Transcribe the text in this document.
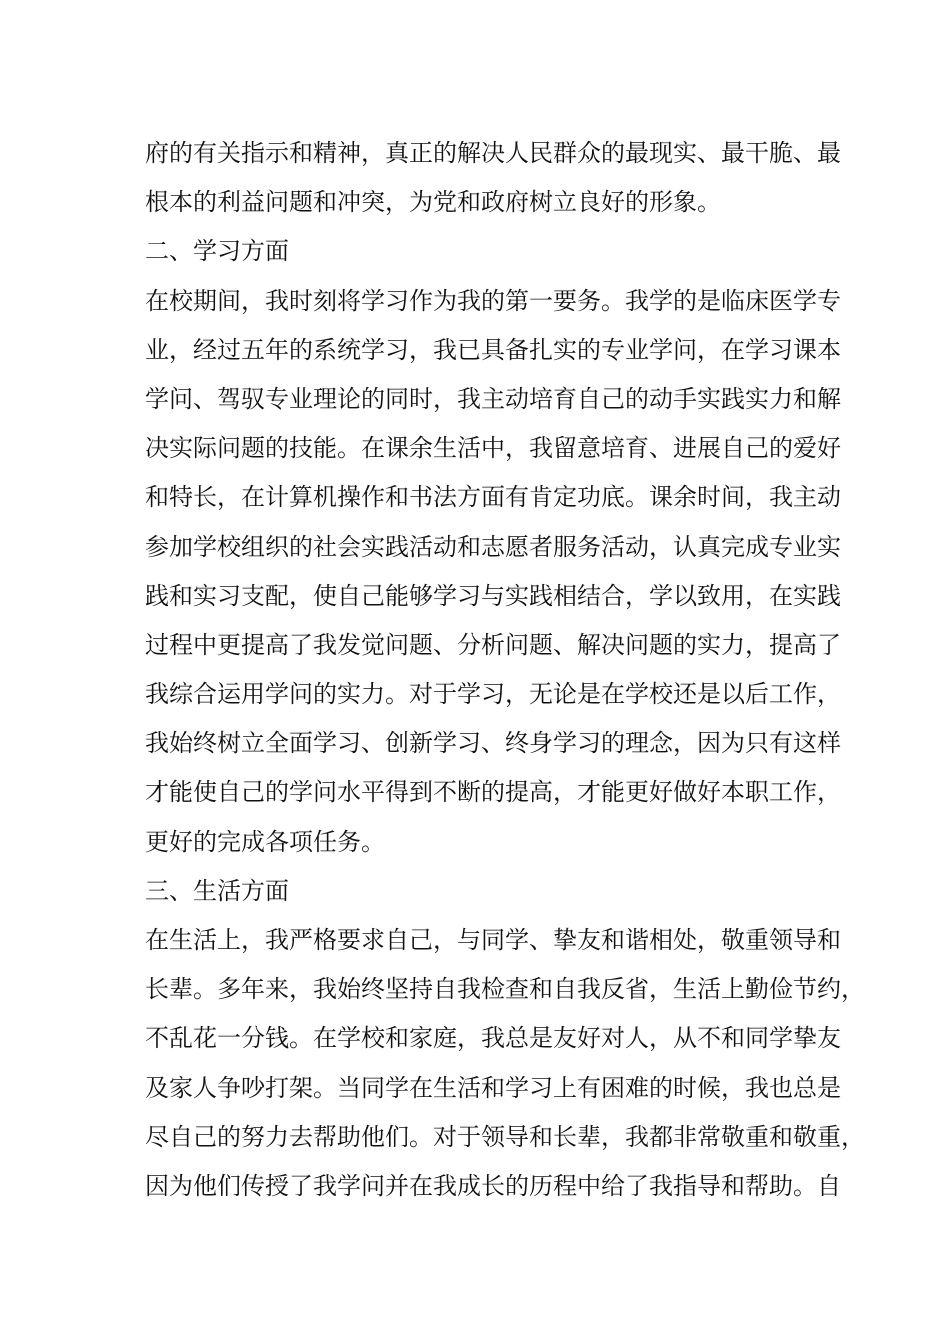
府的有关指示和精神，真正的解决人民群众的最现实、最干脆、最
根本的利益问题和冲突，为党和政府树立良好的形象。
二、学习方面
在校期间，我时刻将学习作为我的第一要务。我学的是临床医学专
业，经过五年的系统学习，我已具备扎实的专业学问，在学习课本
学问、驾驭专业理论的同时，我主动培育自己的动手实践实力和解
决实际问题的技能。在课余生活中，我留意培育、进展自己的爱好
和特长，在计算机操作和书法方面有肯定功底。课余时间，我主动
参加学校组织的社会实践活动和志愿者服务活动，认真完成专业实
践和实习支配，使自己能够学习与实践相结合，学以致用，在实践
过程中更提高了我发觉问题、分析问题、解决问题的实力，提高了
我综合运用学问的实力。对于学习，无论是在学校还是以后工作，
我始终树立全面学习、创新学习、终身学习的理念，因为只有这样
才能使自己的学问水平得到不断的提高，才能更好做好本职工作，
更好的完成各项任务。
三、生活方面
在生活上，我严格要求自己，与同学、挚友和谐相处，敬重领导和
长辈。多年来，我始终坚持自我检查和自我反省，生活上勤俭节约，
不乱花一分钱。在学校和家庭，我总是友好对人，从不和同学挚友
及家人争吵打架。当同学在生活和学习上有困难的时候，我也总是
尽自己的努力去帮助他们。对于领导和长辈，我都非常敬重和敬重，
因为他们传授了我学问并在我成长的历程中给了我指导和帮助。自
